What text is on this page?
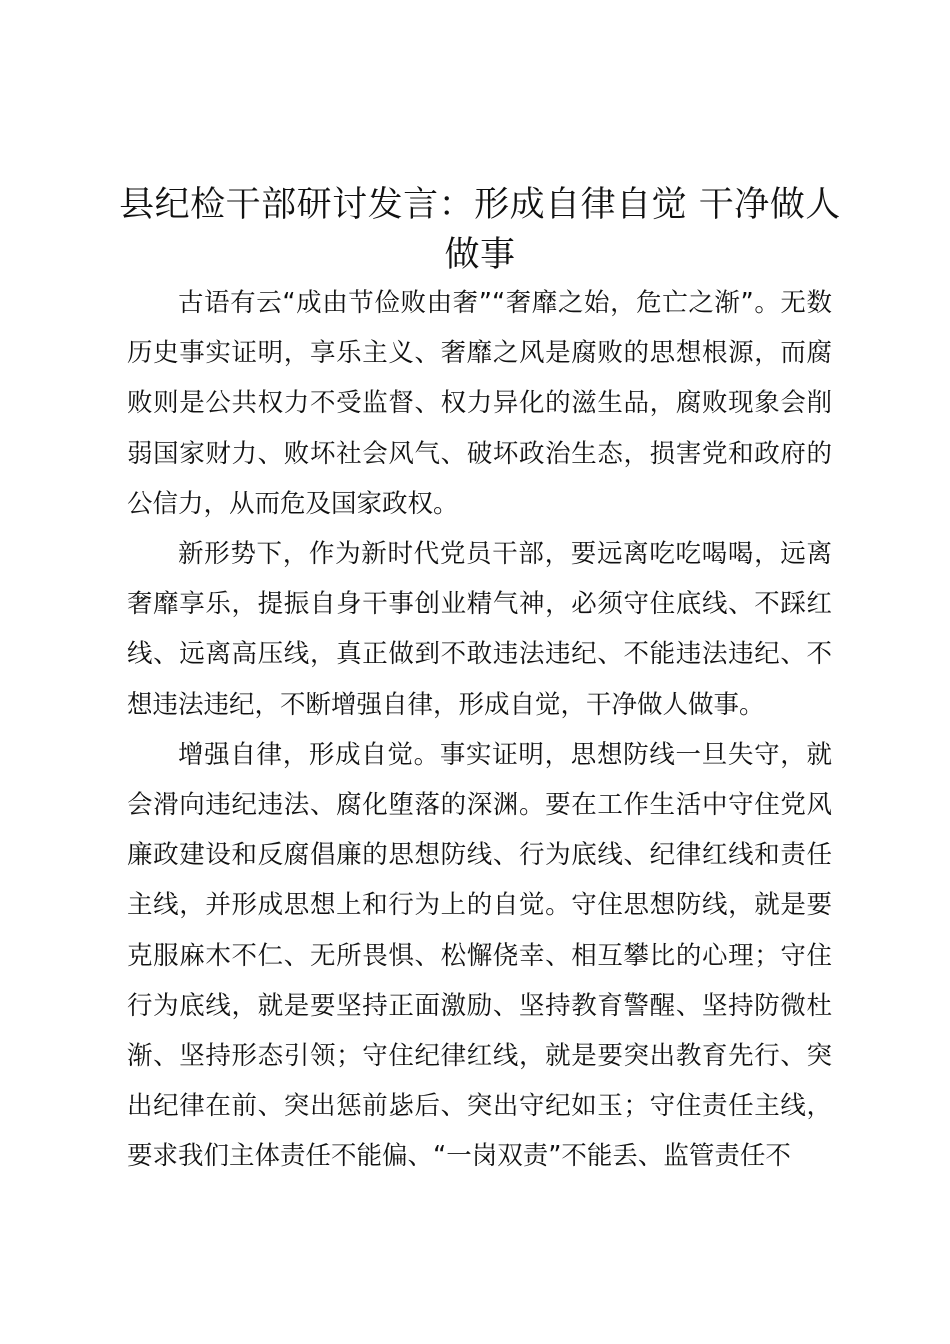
县纪检干部研讨发言：形成自律自觉 干净做人做事

古语有云“成由节俭败由奢”“奢靡之始，危亡之渐”。无数历史事实证明，享乐主义、奢靡之风是腐败的思想根源，而腐败则是公共权力不受监督、权力异化的滋生品，腐败现象会削弱国家财力、败坏社会风气、破坏政治生态，损害党和政府的公信力，从而危及国家政权。

新形势下，作为新时代党员干部，要远离吃吃喝喝，远离奢靡享乐，提振自身干事创业精气神，必须守住底线、不踩红线、远离高压线，真正做到不敢违法违纪、不能违法违纪、不想违法违纪，不断增强自律，形成自觉，干净做人做事。

增强自律，形成自觉。事实证明，思想防线一旦失守，就会滑向违纪违法、腐化堕落的深渊。要在工作生活中守住党风廉政建设和反腐倡廉的思想防线、行为底线、纪律红线和责任主线，并形成思想上和行为上的自觉。守住思想防线，就是要克服麻木不仁、无所畏惧、松懈侥幸、相互攀比的心理；守住行为底线，就是要坚持正面激励、坚持教育警醒、坚持防微杜渐、坚持形态引领；守住纪律红线，就是要突出教育先行、突出纪律在前、突出惩前毖后、突出守纪如玉；守住责任主线，要求我们主体责任不能偏、“一岗双责”不能丢、监管责任不
